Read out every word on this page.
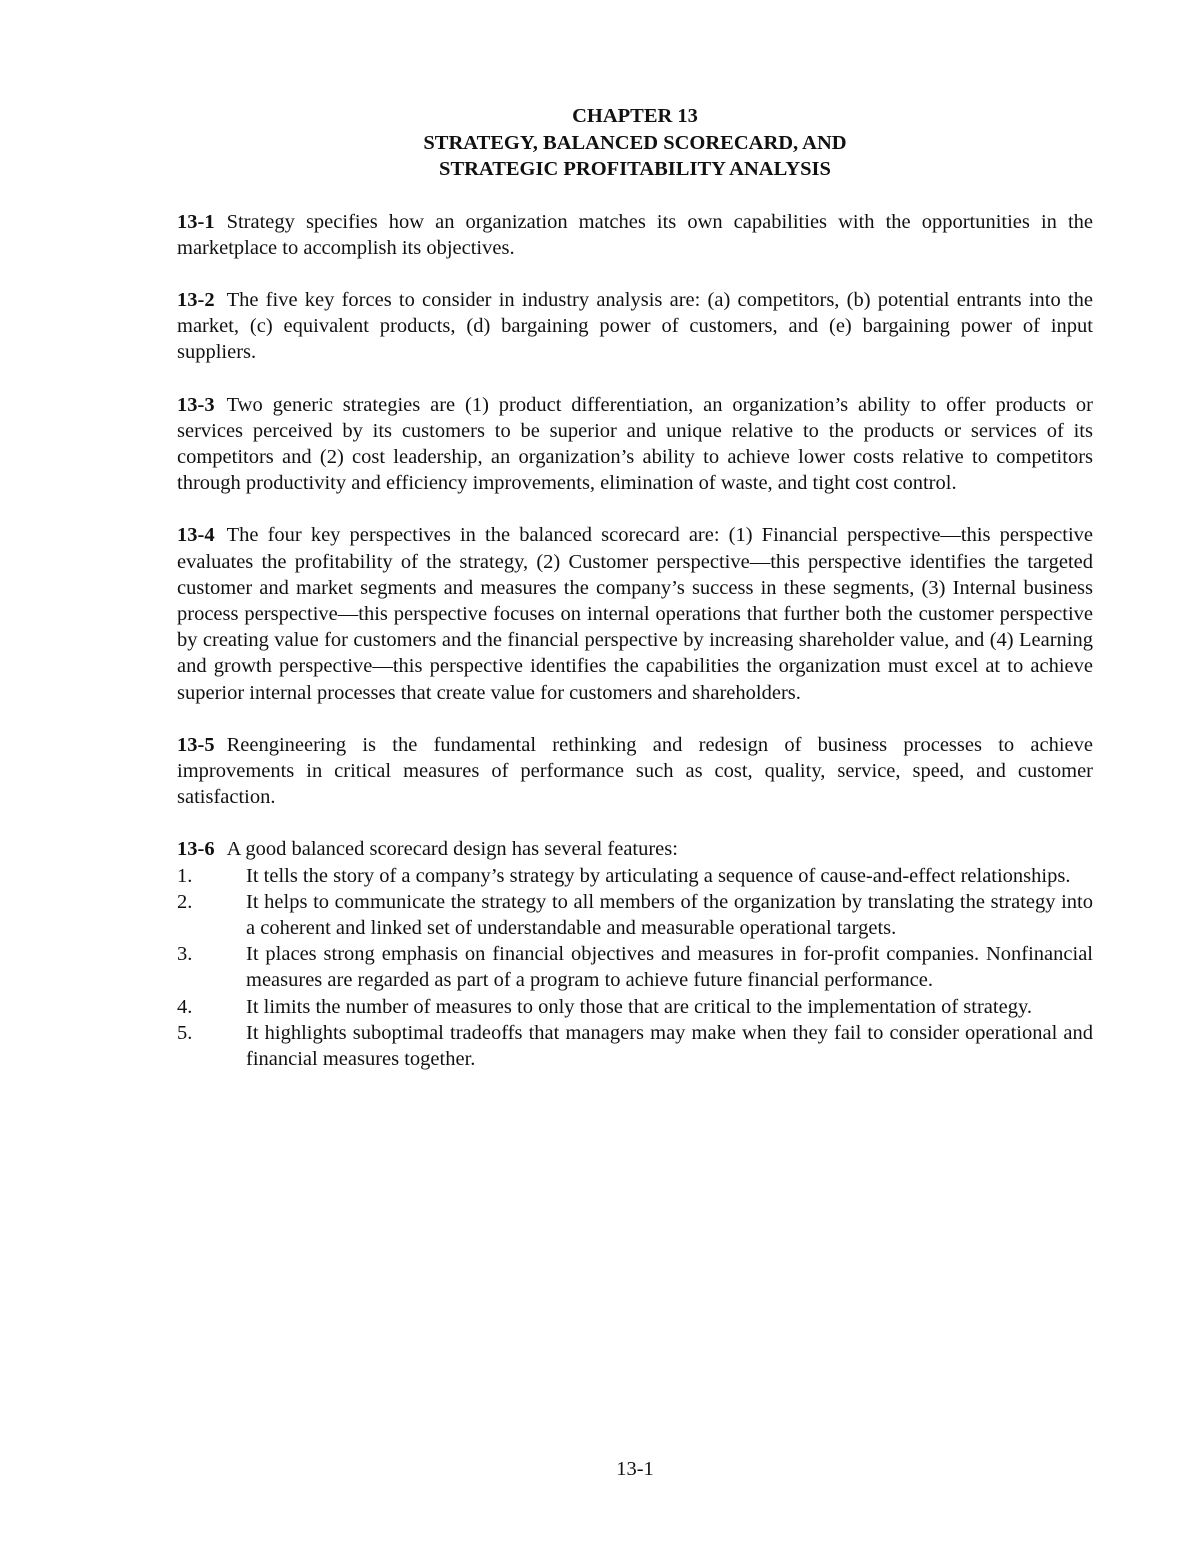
CHAPTER 13
STRATEGY, BALANCED SCORECARD, AND
STRATEGIC PROFITABILITY ANALYSIS
13-1 Strategy specifies how an organization matches its own capabilities with the opportunities in the marketplace to accomplish its objectives.
13-2 The five key forces to consider in industry analysis are: (a) competitors, (b) potential entrants into the market, (c) equivalent products, (d) bargaining power of customers, and (e) bargaining power of input suppliers.
13-3 Two generic strategies are (1) product differentiation, an organization’s ability to offer products or services perceived by its customers to be superior and unique relative to the products or services of its competitors and (2) cost leadership, an organization’s ability to achieve lower costs relative to competitors through productivity and efficiency improvements, elimination of waste, and tight cost control.
13-4 The four key perspectives in the balanced scorecard are: (1) Financial perspective—this perspective evaluates the profitability of the strategy, (2) Customer perspective—this perspective identifies the targeted customer and market segments and measures the company’s success in these segments, (3) Internal business process perspective—this perspective focuses on internal operations that further both the customer perspective by creating value for customers and the financial perspective by increasing shareholder value, and (4) Learning and growth perspective—this perspective identifies the capabilities the organization must excel at to achieve superior internal processes that create value for customers and shareholders.
13-5 Reengineering is the fundamental rethinking and redesign of business processes to achieve improvements in critical measures of performance such as cost, quality, service, speed, and customer satisfaction.
13-6 A good balanced scorecard design has several features:
1.	It tells the story of a company’s strategy by articulating a sequence of cause-and-effect relationships.
2.	It helps to communicate the strategy to all members of the organization by translating the strategy into a coherent and linked set of understandable and measurable operational targets.
3.	It places strong emphasis on financial objectives and measures in for-profit companies. Nonfinancial measures are regarded as part of a program to achieve future financial performance.
4.	It limits the number of measures to only those that are critical to the implementation of strategy.
5.	It highlights suboptimal tradeoffs that managers may make when they fail to consider operational and financial measures together.
13-1
